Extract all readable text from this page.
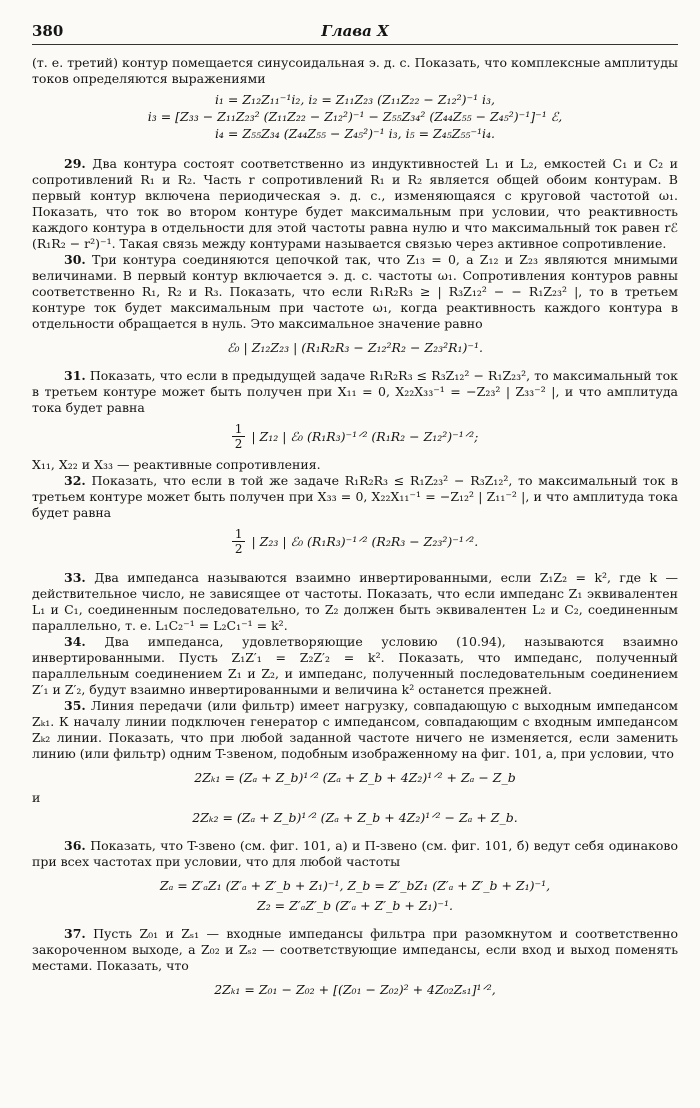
380	Глава X

(т. е. третий) контур помещается синусоидальная э. д. с. Показать, что комплексные амплитуды токов определяются выражениями

i₁ = Z₁₂Z₁₁⁻¹i₂, i₂ = Z₁₁Z₂₃ (Z₁₁Z₂₂ − Z₁₂²)⁻¹ i₃,
i₃ = [Z₃₃ − Z₁₁Z₂₃² (Z₁₁Z₂₂ − Z₁₂²)⁻¹ − Z₅₅Z₃₄² (Z₄₄Z₅₅ − Z₄₅²)⁻¹]⁻¹ ℰ,
i₄ = Z₅₅Z₃₄ (Z₄₄Z₅₅ − Z₄₅²)⁻¹ i₃, i₅ = Z₄₅Z₅₅⁻¹i₄.

29. Два контура состоят соответственно из индуктивностей L₁ и L₂, емкостей C₁ и C₂ и сопротивлений R₁ и R₂. Часть r сопротивлений R₁ и R₂ является общей обоим контурам. В первый контур включена периодическая э. д. с., изменяющаяся с круговой частотой ω₁. Показать, что ток во втором контуре будет максимальным при условии, что реактивность каждого контура в отдельности для этой частоты равна нулю и что максимальный ток равен rℰ (R₁R₂ − r²)⁻¹. Такая связь между контурами называется связью через активное сопротивление.

30. Три контура соединяются цепочкой так, что Z₁₃ = 0, а Z₁₂ и Z₂₃ являются мнимыми величинами. В первый контур включается э. д. с. частоты ω₁. Сопротивления контуров равны соответственно R₁, R₂ и R₃. Показать, что если R₁R₂R₃ ≥ | R₃Z₁₂² − − R₁Z₂₃² |, то в третьем контуре ток будет максимальным при частоте ω₁, когда реактивность каждого контура в отдельности обращается в нуль. Это максимальное значение равно

ℰ₀ | Z₁₂Z₂₃ | (R₁R₂R₃ − Z₁₂²R₂ − Z₂₃²R₁)⁻¹.

31. Показать, что если в предыдущей задаче R₁R₂R₃ ≤ R₃Z₁₂² − R₁Z₂₃², то максимальный ток в третьем контуре может быть получен при X₁₁ = 0, X₂₂X₃₃⁻¹ = −Z₂₃² | Z₃₃⁻² |, и что амплитуда тока будет равна

$\frac{1}{2}$ | Z₁₂ | ℰ₀ (R₁R₃)⁻¹ᐟ² (R₁R₂ − Z₁₂²)⁻¹ᐟ²;

X₁₁, X₂₂ и X₃₃ — реактивные сопротивления.

32. Показать, что если в той же задаче R₁R₂R₃ ≤ R₁Z₂₃² − R₃Z₁₂², то максимальный ток в третьем контуре может быть получен при X₃₃ = 0, X₂₂X₁₁⁻¹ = −Z₁₂² | Z₁₁⁻² |, и что амплитуда тока будет равна

$\frac{1}{2}$ | Z₂₃ | ℰ₀ (R₁R₃)⁻¹ᐟ² (R₂R₃ − Z₂₃²)⁻¹ᐟ².

33. Два импеданса называются взаимно инвертированными, если Z₁Z₂ = k², где k — действительное число, не зависящее от частоты. Показать, что если импеданс Z₁ эквивалентен L₁ и C₁, соединенным последовательно, то Z₂ должен быть эквивалентен L₂ и C₂, соединенным параллельно, т. е. L₁C₂⁻¹ = L₂C₁⁻¹ = k².

34. Два импеданса, удовлетворяющие условию (10.94), называются взаимно инвертированными. Пусть Z₁Z′₁ = Z₂Z′₂ = k². Показать, что импеданс, полученный параллельным соединением Z₁ и Z₂, и импеданс, полученный последовательным соединением Z′₁ и Z′₂, будут взаимно инвертированными и величина k² останется прежней.

35. Линия передачи (или фильтр) имеет нагрузку, совпадающую с выходным импедансом Zₖ₁. К началу линии подключен генератор с импедансом, совпадающим с входным импедансом Zₖ₂ линии. Показать, что при любой заданной частоте ничего не изменяется, если заменить линию (или фильтр) одним T-звеном, подобным изображенному на фиг. 101, а, при условии, что

2Zₖ₁ = (Zₐ + Z_b)¹ᐟ² (Zₐ + Z_b + 4Z₂)¹ᐟ² + Zₐ − Z_b
и
2Zₖ₂ = (Zₐ + Z_b)¹ᐟ² (Zₐ + Z_b + 4Z₂)¹ᐟ² − Zₐ + Z_b.

36. Показать, что T-звено (см. фиг. 101, а) и П-звено (см. фиг. 101, б) ведут себя одинаково при всех частотах при условии, что для любой частоты

Zₐ = Z′ₐZ₁ (Z′ₐ + Z′_b + Z₁)⁻¹, Z_b = Z′_bZ₁ (Z′ₐ + Z′_b + Z₁)⁻¹,
Z₂ = Z′ₐZ′_b (Z′ₐ + Z′_b + Z₁)⁻¹.

37. Пусть Z₀₁ и Zₛ₁ — входные импедансы фильтра при разомкнутом и соответственно закороченном выходе, а Z₀₂ и Zₛ₂ — соответствующие импедансы, если вход и выход поменять местами. Показать, что

2Zₖ₁ = Z₀₁ − Z₀₂ + [(Z₀₁ − Z₀₂)² + 4Z₀₂Zₛ₁]¹ᐟ²,
